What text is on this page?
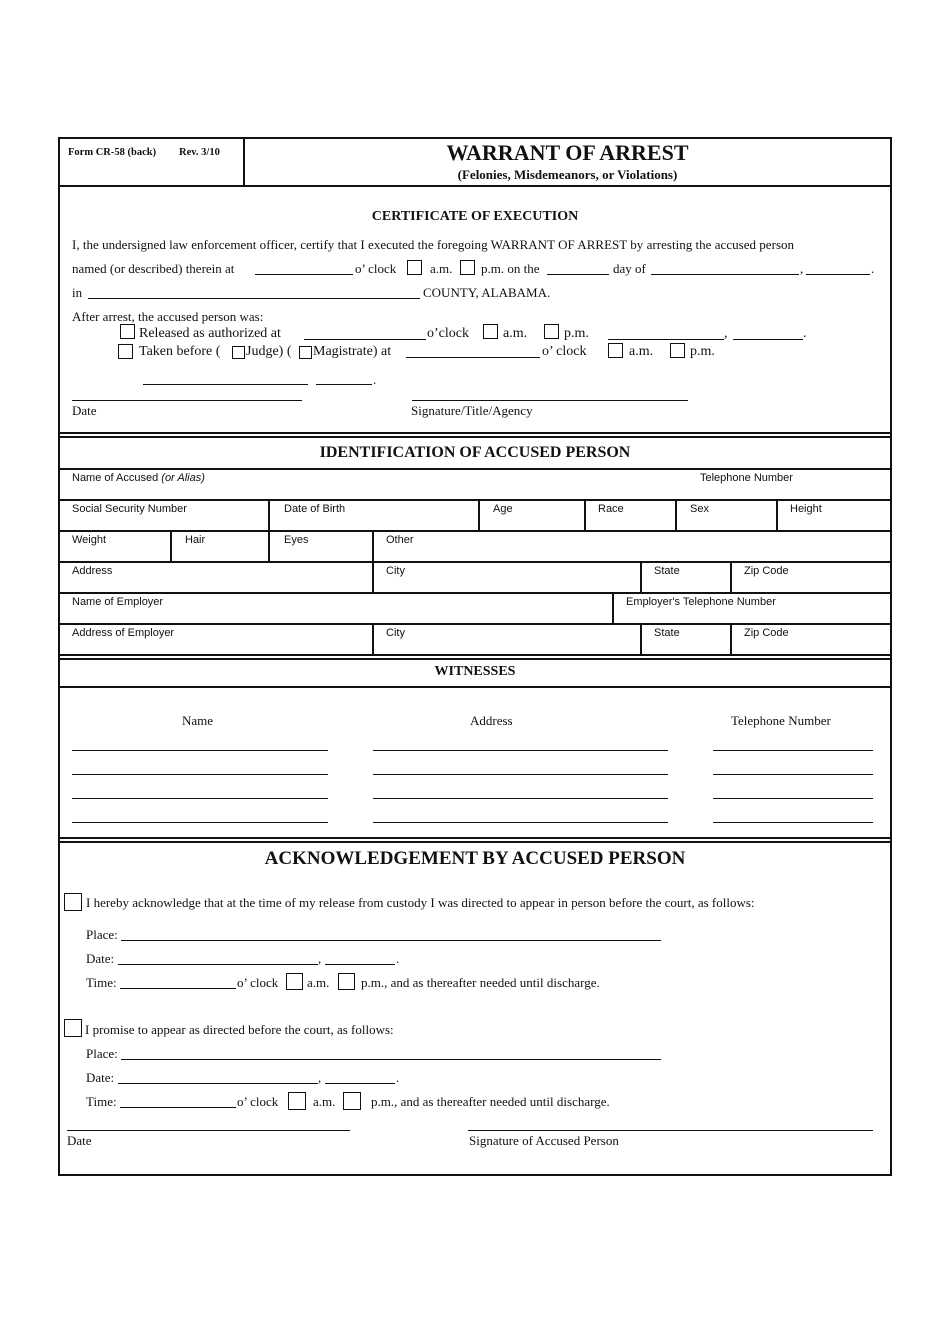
Form CR-58 (back) Rev. 3/10	WARRANT OF ARREST
(Felonies, Misdemeanors, or Violations)
CERTIFICATE OF EXECUTION
I, the undersigned law enforcement officer, certify that I executed the foregoing WARRANT OF ARREST by arresting the accused person
named (or described) therein at	o’ clock	a.m. p.m. on the	day of	,	.
in	COUNTY, ALABAMA.
After arrest, the accused person was:
Released as authorized at	o’clock a.m.	p.m.	,	.
Taken before ( Judge) ( Magistrate) at	o’ clock	a.m.	p.m.
.
Date	Signature/Title/Agency
IDENTIFICATION OF ACCUSED PERSON
Name of Accused (or Alias)	Telephone Number
Social Security Number	Date of Birth	Age	Race	Sex	Height
Weight	Hair	Eyes	Other
Address	City	State	Zip Code
Name of Employer	Employer's Telephone Number
Address of Employer	City	State	Zip Code
WITNESSES
Name	Address	Telephone Number
ACKNOWLEDGEMENT BY ACCUSED PERSON
I hereby acknowledge that at the time of my release from custody I was directed to appear in person before the court, as follows:
Place:
Date:	,	.
Time:	o’ clock a.m. p.m., and as thereafter needed until discharge.
I promise to appear as directed before the court, as follows:
Place:
Date:	,	.
Time:	o’ clock	a.m.	p.m., and as thereafter needed until discharge.
Date	Signature of Accused Person
